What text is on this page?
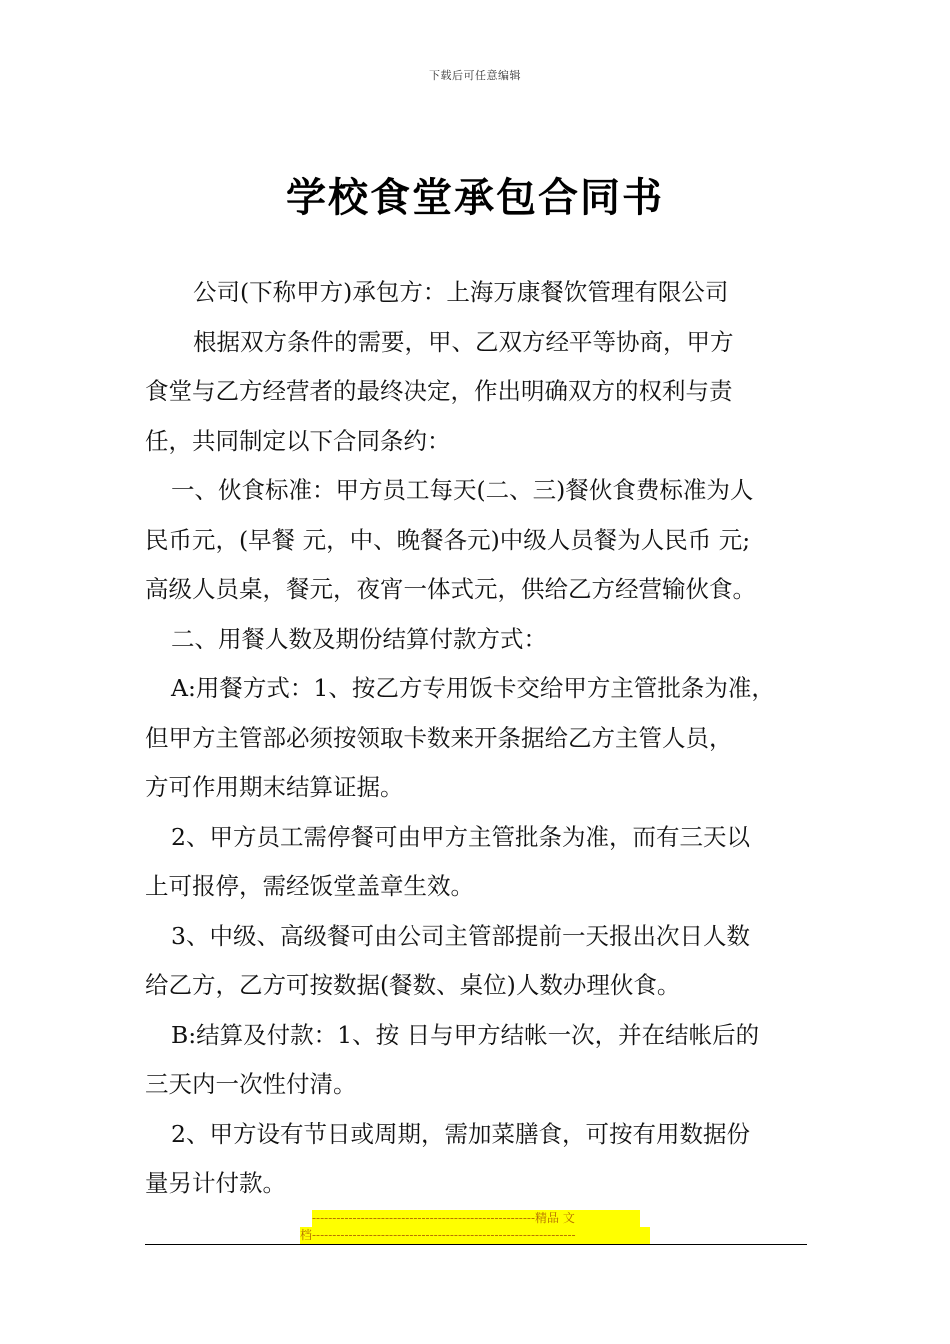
下载后可任意编辑
学校食堂承包合同书

公司(下称甲方)承包方：上海万康餐饮管理有限公司

根据双方条件的需要，甲、乙双方经平等协商，甲方

食堂与乙方经营者的最终决定，作出明确双方的权利与责

任，共同制定以下合同条约：

一、伙食标准：甲方员工每天(二、三)餐伙食费标准为人

民币元，(早餐 元，中、晚餐各元)中级人员餐为人民币 元;

高级人员桌，餐元，夜宵一体式元，供给乙方经营输伙食。

二、用餐人数及期份结算付款方式：

A:用餐方式：1、按乙方专用饭卡交给甲方主管批条为准，

但甲方主管部必须按领取卡数来开条据给乙方主管人员，

方可作用期末结算证据。

2、甲方员工需停餐可由甲方主管批条为准，而有三天以

上可报停，需经饭堂盖章生效。

3、中级、高级餐可由公司主管部提前一天报出次日人数

给乙方，乙方可按数据(餐数、桌位)人数办理伙食。

B:结算及付款：1、按 日与甲方结帐一次，并在结帐后的

三天内一次性付清。

2、甲方设有节日或周期，需加菜膳食，可按有用数据份

量另计付款。

-------------------------------------------------------精品 文
档-----------------------------------------------------------------
